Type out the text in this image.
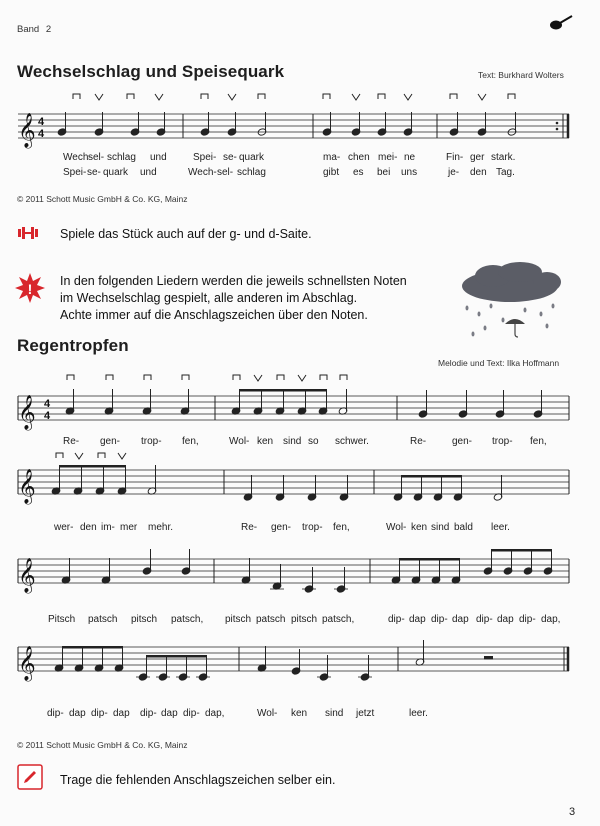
Band 2
Wechselschlag und Speisequark	Text: Burkhard Wolters
𝄞 4
4
Wech-
sel- schlag und	Spei- se- quark	ma- chen mei- ne	Fin- ger stark.
Spei- se- quark und	Wech- sel- schlag	gibt es bei uns	je- den Tag.
© 2011 Schott Music GmbH & Co. KG, Mainz
Spiele das Stück auch auf der g- und d-Saite.
! In den folgenden Liedern werden die jeweils schnellsten Noten
im Wechselschlag gespielt, alle anderen im Abschlag.
Achte immer auf die Anschlagszeichen über den Noten.
Regentropfen
Melodie und Text: Ilka Hoffmann
𝄞 4
4
Re- gen- trop- fen,	Wol- ken sind so schwer.	Re-	gen- trop- fen,
𝄞
wer- den im- mer mehr.	Re- gen- trop- fen,	Wol- ken sind bald leer.
𝄞
Pitsch patsch pitsch patsch, pitsch patsch pitsch patsch,	dip- dap dip- dap dip- dap dip- dap,
𝄞
dip- dap dip- dap dip- dap dip- dap,	Wol- ken sind jetzt	leer.
© 2011 Schott Music GmbH & Co. KG, Mainz
Trage die fehlenden Anschlagszeichen selber ein.
3
